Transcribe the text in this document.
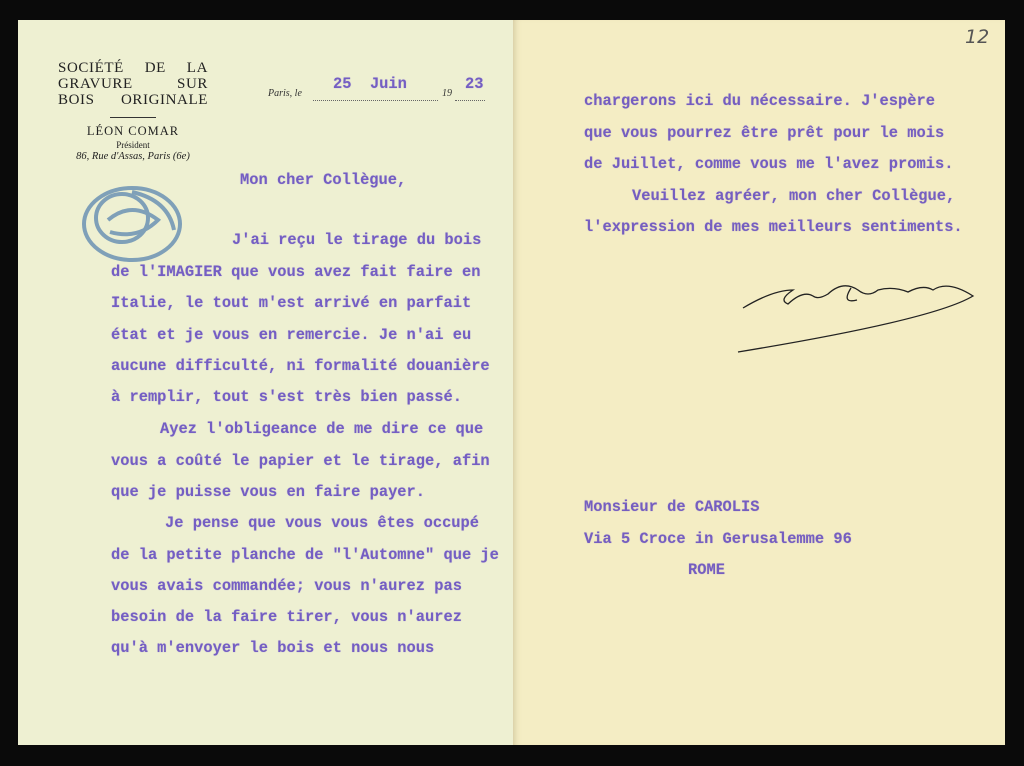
SOCIÉTÉ DE LA
GRAVURE SUR
BOIS ORIGINALE
LÉON COMAR
Président
86, Rue d'Assas, Paris (6e)
Paris, le	19
25  Juin	23
Mon cher Collègue,
J'ai reçu le tirage du bois
de l'IMAGIER que vous avez fait faire en
Italie, le tout m'est arrivé en parfait
état et je vous en remercie. Je n'ai eu
aucune difficulté, ni formalité douanière
à remplir, tout s'est très bien passé.
Ayez l'obligeance de me dire ce que
vous a coûté le papier et le tirage, afin
que je puisse vous en faire payer.
Je pense que vous vous êtes occupé
de la petite planche de "l'Automne" que je
vous avais commandée; vous n'aurez pas
besoin de la faire tirer, vous n'aurez
qu'à m'envoyer le bois et nous nous
chargerons ici du nécessaire. J'espère
que vous pourrez être prêt pour le mois
de Juillet, comme vous me l'avez promis.
Veuillez agréer, mon cher Collègue,
l'expression de mes meilleurs sentiments.
Monsieur de CAROLIS
Via 5 Croce in Gerusalemme 96
ROME
12
